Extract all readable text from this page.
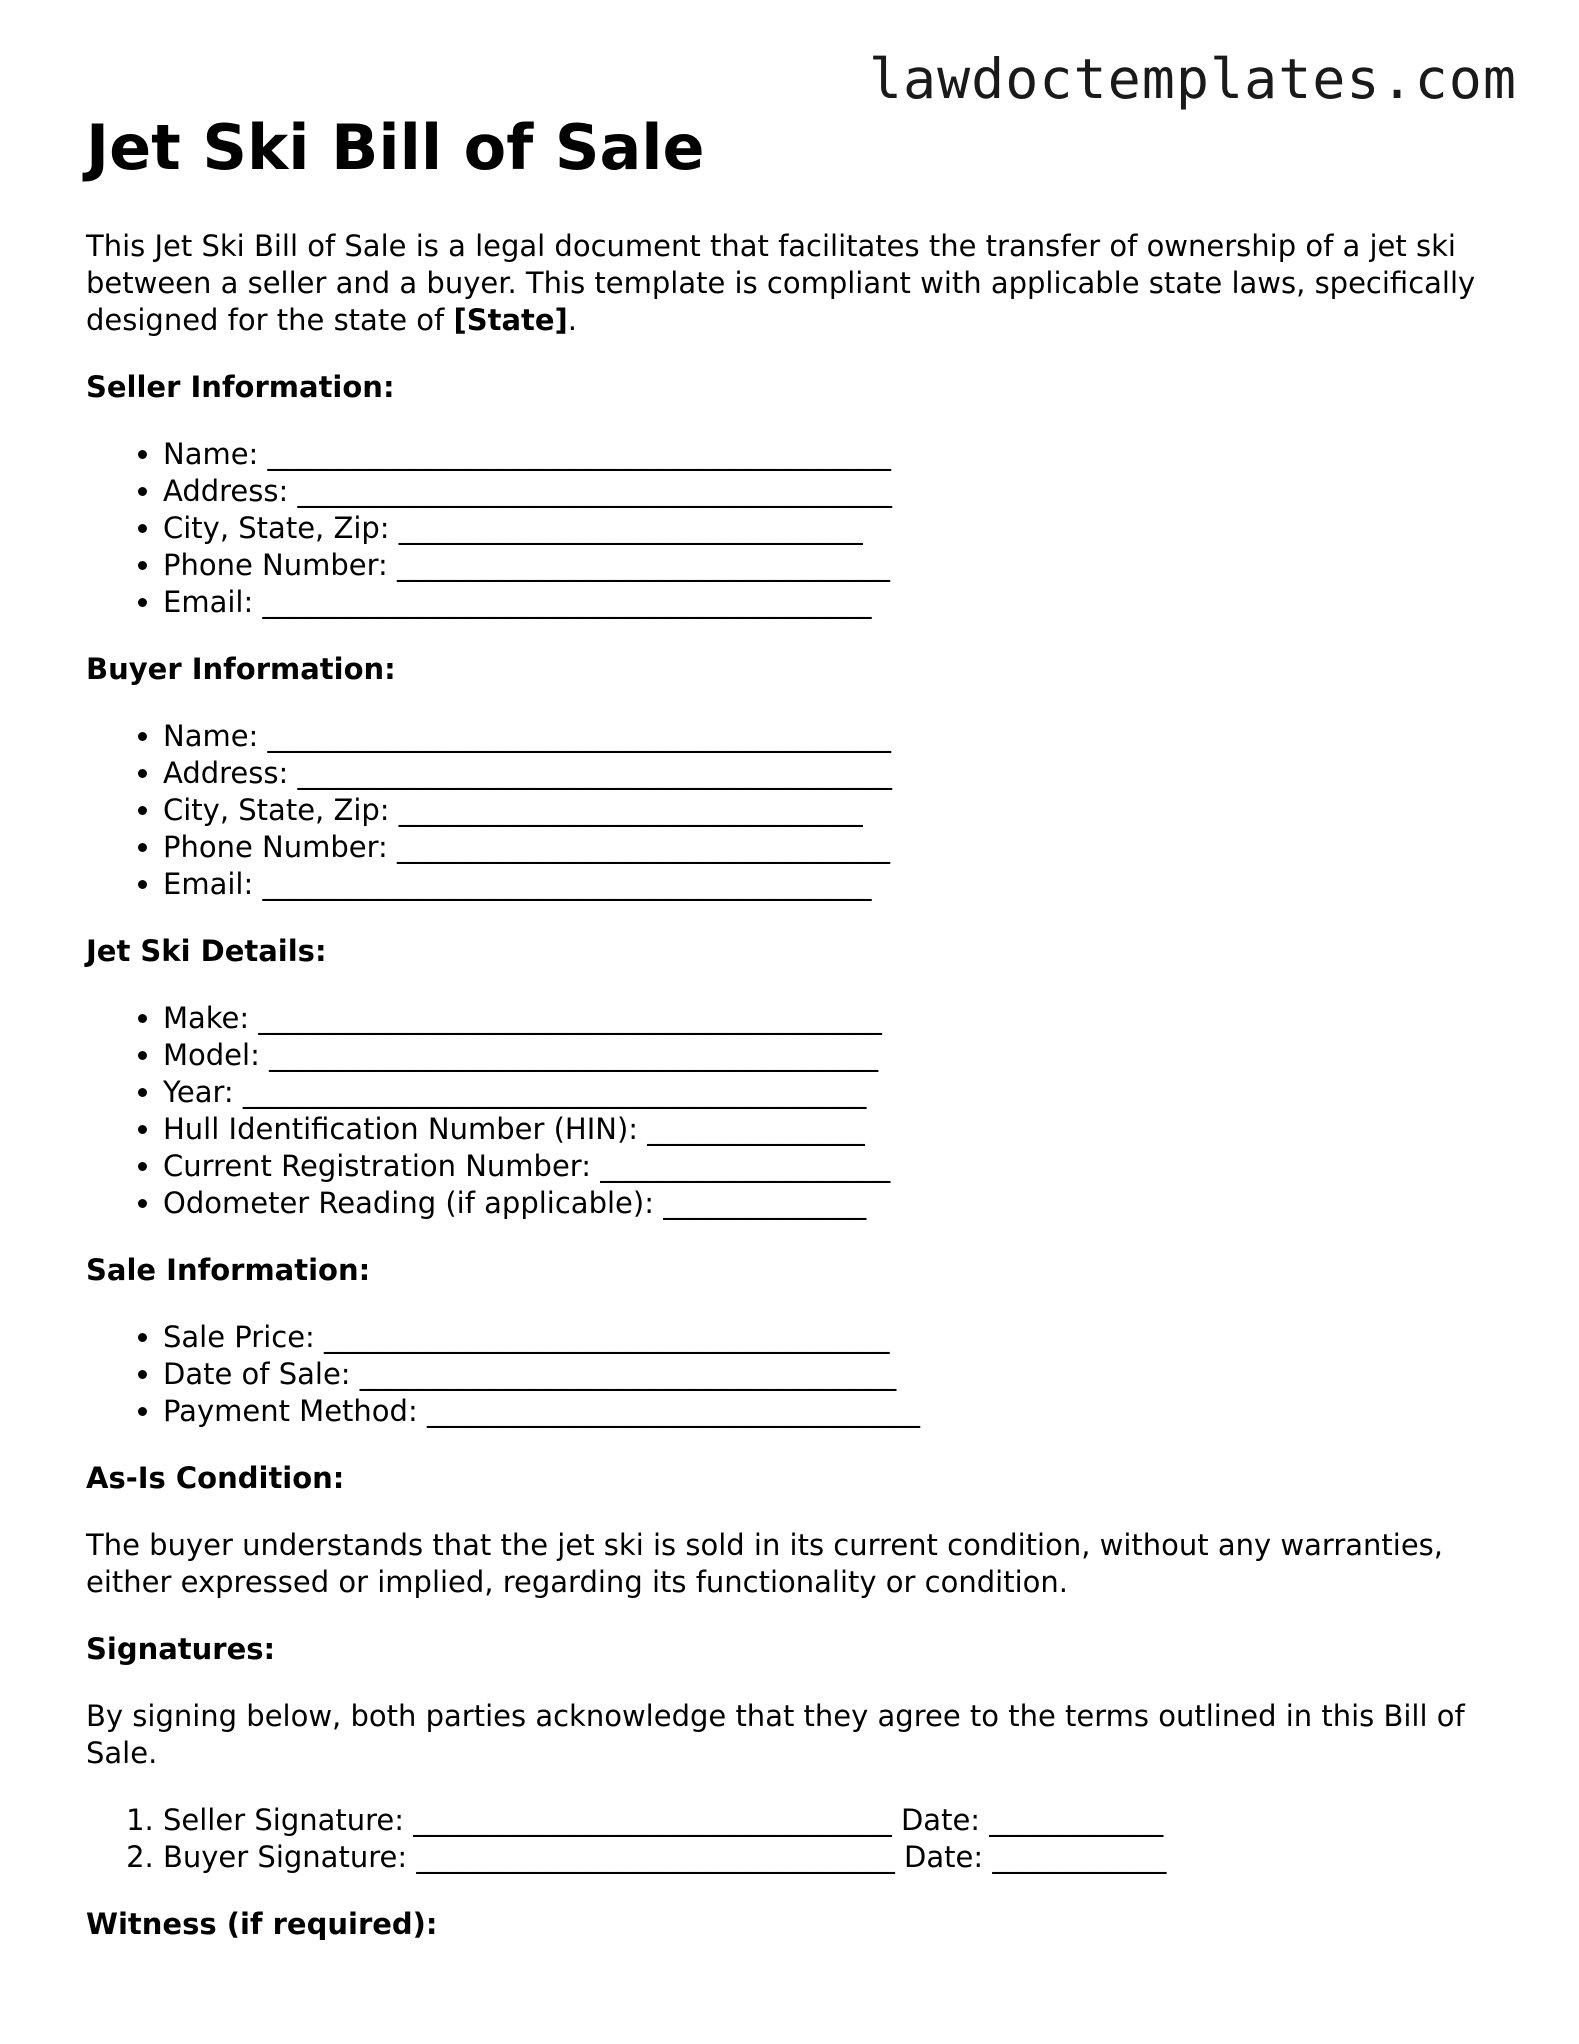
lawdoctemplates.com
Jet Ski Bill of Sale

This Jet Ski Bill of Sale is a legal document that facilitates the transfer of ownership of a jet ski between a seller and a buyer. This template is compliant with applicable state laws, specifically designed for the state of [State].

Seller Information:
• Name: ___________________________________________
• Address: _________________________________________
• City, State, Zip: ________________________________
• Phone Number: __________________________________
• Email: __________________________________________
Buyer Information:
• Name: ___________________________________________
• Address: _________________________________________
• City, State, Zip: ________________________________
• Phone Number: __________________________________
• Email: __________________________________________
Jet Ski Details:
• Make: ___________________________________________
• Model: __________________________________________
• Year: ___________________________________________
• Hull Identification Number (HIN): _______________
• Current Registration Number: ____________________
• Odometer Reading (if applicable): ______________
Sale Information:
• Sale Price: _______________________________________
• Date of Sale: _____________________________________
• Payment Method: __________________________________
As-Is Condition:

The buyer understands that the jet ski is sold in its current condition, without any warranties, either expressed or implied, regarding its functionality or condition.

Signatures:

By signing below, both parties acknowledge that they agree to the terms outlined in this Bill of Sale.

1. Seller Signature: _________________________________ Date: ____________
2. Buyer Signature: _________________________________ Date: ____________
Witness (if required):
